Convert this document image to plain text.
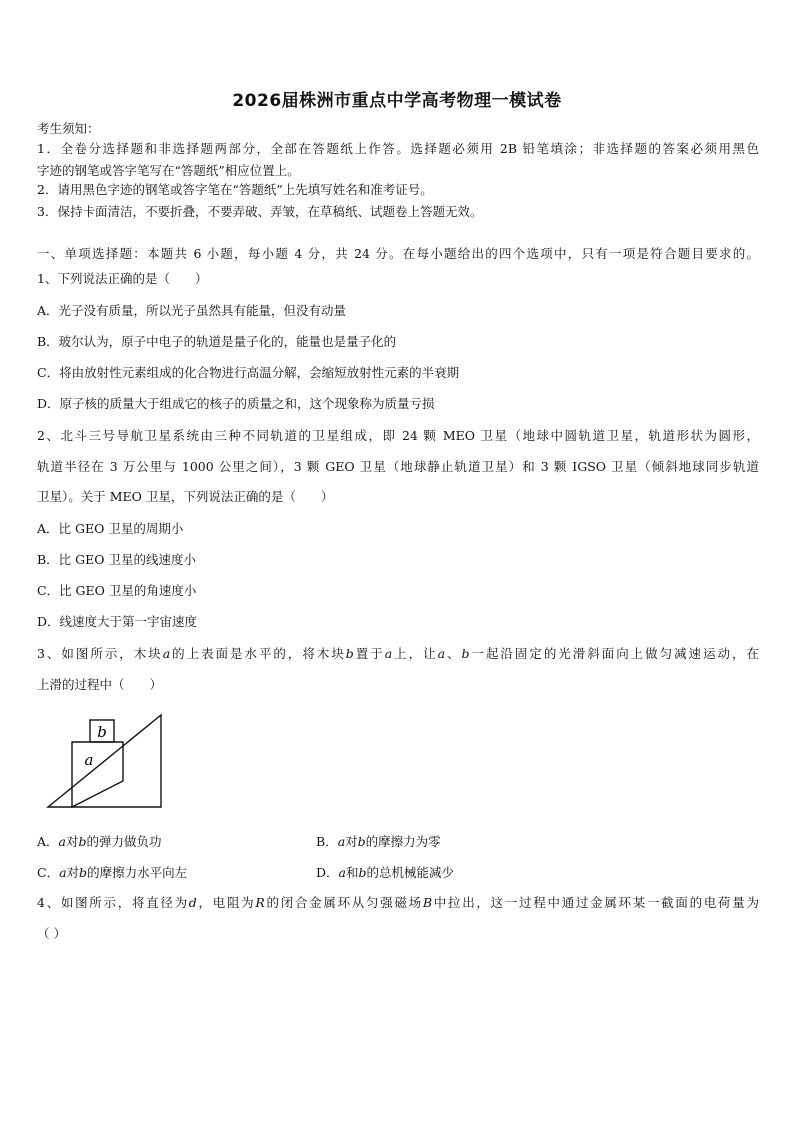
2026届株洲市重点中学高考物理一模试卷
考生须知：
1．全卷分选择题和非选择题两部分，全部在答题纸上作答。选择题必须用 2B 铅笔填涂；非选择题的答案必须用黑色
字迹的钢笔或答字笔写在“答题纸”相应位置上。
2．请用黑色字迹的钢笔或答字笔在“答题纸”上先填写姓名和准考证号。
3．保持卡面清洁，不要折叠，不要弄破、弄皱，在草稿纸、试题卷上答题无效。
一、单项选择题：本题共 6 小题，每小题 4 分，共 24 分。在每小题给出的四个选项中，只有一项是符合题目要求的。
1、下列说法正确的是（　　）
A．光子没有质量，所以光子虽然具有能量，但没有动量
B．玻尔认为，原子中电子的轨道是量子化的，能量也是量子化的
C．将由放射性元素组成的化合物进行高温分解，会缩短放射性元素的半衰期
D．原子核的质量大于组成它的核子的质量之和，这个现象称为质量亏损
2、北斗三号导航卫星系统由三种不同轨道的卫星组成，即 24 颗 MEO 卫星（地球中圆轨道卫星，轨道形状为圆形，
轨道半径在 3 万公里与 1000 公里之间），3 颗 GEO 卫星（地球静止轨道卫星）和 3 颗 IGSO 卫星（倾斜地球同步轨道
卫星）。关于 MEO 卫星，下列说法正确的是（　　）
A．比 GEO 卫星的周期小
B．比 GEO 卫星的线速度小
C．比 GEO 卫星的角速度小
D．线速度大于第一宇宙速度
3、如图所示，木块a的上表面是水平的，将木块b置于a上，让a、b一起沿固定的光滑斜面向上做匀减速运动，在
上滑的过程中（　　）
b
a
A．a对b的弹力做负功	B．a对b的摩擦力为零
C．a对b的摩擦力水平向左	D．a和b的总机械能减少
4、如图所示，将直径为d，电阻为R的闭合金属环从匀强磁场B中拉出，这一过程中通过金属环某一截面的电荷量为
（ ）
